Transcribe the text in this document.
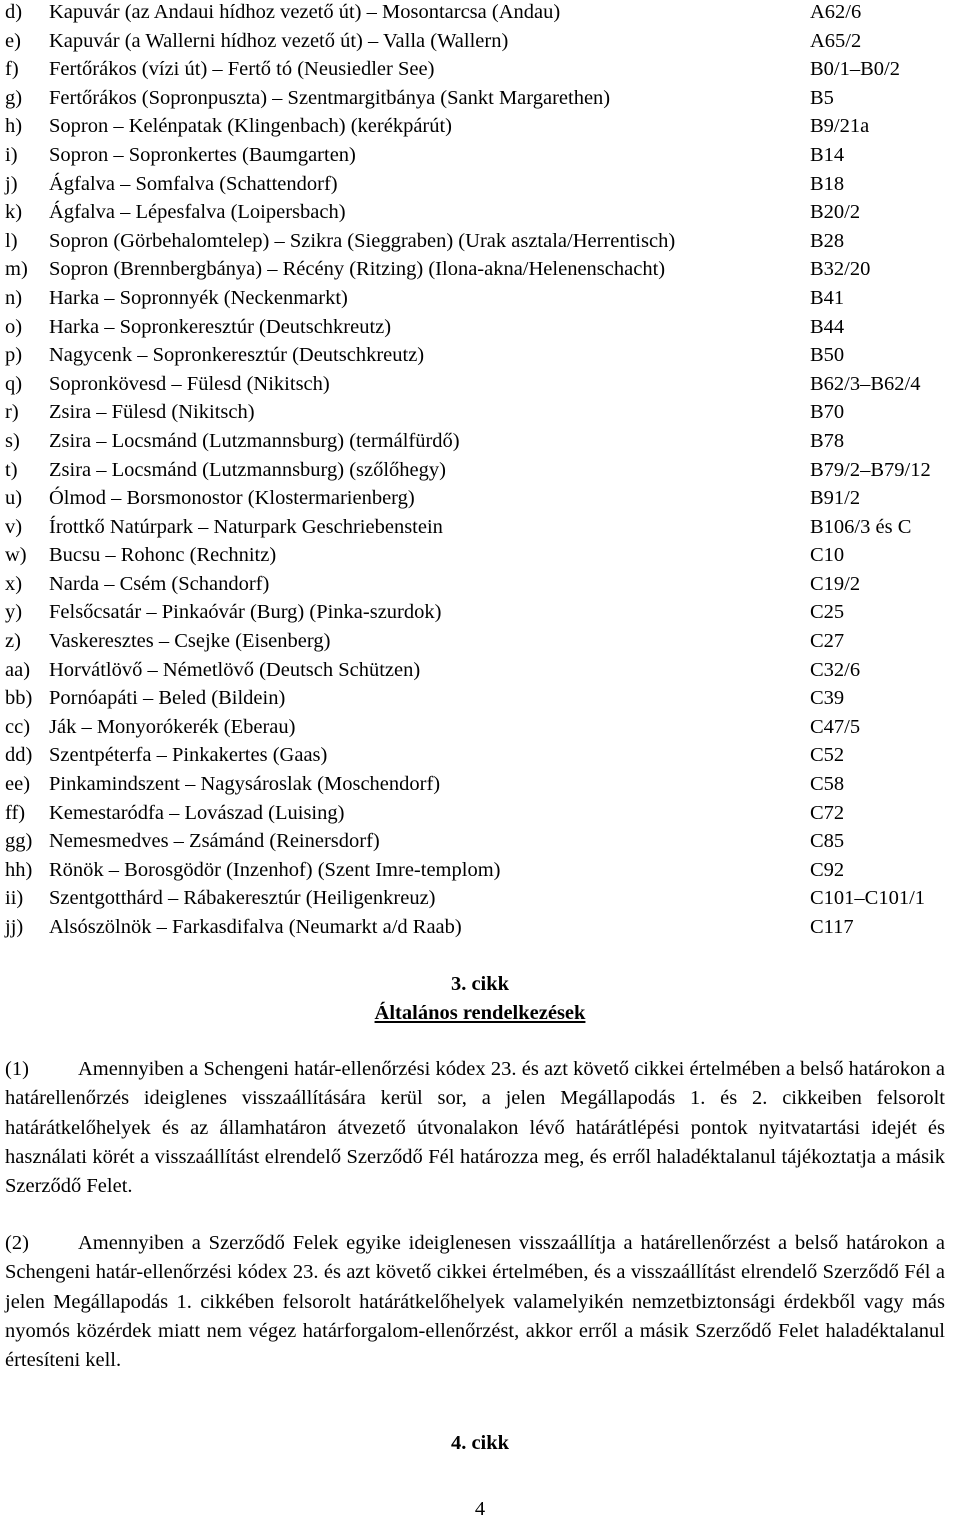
d) Kapuvár (az Andaui hídhoz vezető út) – Mosontarcsa (Andau)	A62/6
e) Kapuvár (a Wallerni hídhoz vezető út) – Valla (Wallern)	A65/2
f) Fertőrákos (vízi út) – Fertő tó (Neusiedler See)	B0/1–B0/2
g) Fertőrákos (Sopronpuszta) – Szentmargitbánya (Sankt Margarethen)	B5
h) Sopron – Kelénpatak (Klingenbach) (kerékpárút)	B9/21a
i) Sopron – Sopronkertes (Baumgarten)	B14
j) Ágfalva – Somfalva (Schattendorf)	B18
k) Ágfalva – Lépesfalva (Loipersbach)	B20/2
l) Sopron (Görbehalomtelep) – Szikra (Sieggraben) (Urak asztala/Herrentisch)	B28
m) Sopron (Brennbergbánya) – Récény (Ritzing) (Ilona-akna/Helenenschacht)	B32/20
n) Harka – Sopronnyék (Neckenmarkt)	B41
o) Harka – Sopronkeresztúr (Deutschkreutz)	B44
p) Nagycenk – Sopronkeresztúr (Deutschkreutz)	B50
q) Sopronkövesd – Fülesd (Nikitsch)	B62/3–B62/4
r) Zsira – Fülesd (Nikitsch)	B70
s) Zsira – Locsmánd (Lutzmannsburg) (termálfürdő)	B78
t) Zsira – Locsmánd (Lutzmannsburg) (szőlőhegy)	B79/2–B79/12
u) Ólmod – Borsmonostor (Klostermarienberg)	B91/2
v) Írottkő Natúrpark – Naturpark Geschriebenstein	B106/3 és C
w) Bucsu – Rohonc (Rechnitz)	C10
x) Narda – Csém (Schandorf)	C19/2
y) Felsőcsatár – Pinkaóvár (Burg) (Pinka-szurdok)	C25
z) Vaskeresztes – Csejke (Eisenberg)	C27
aa) Horvátlövő – Németlövő (Deutsch Schützen)	C32/6
bb) Pornóapáti – Beled (Bildein)	C39
cc) Ják – Monyorókerék (Eberau)	C47/5
dd) Szentpéterfa – Pinkakertes (Gaas)	C52
ee) Pinkamindszent – Nagysároslak (Moschendorf)	C58
ff) Kemestaródfa – Lovászad (Luising)	C72
gg) Nemesmedves – Zsámánd (Reinersdorf)	C85
hh) Rönök – Borosgödör (Inzenhof) (Szent Imre-templom)	C92
ii) Szentgotthárd – Rábakeresztúr (Heiligenkreuz)	C101–C101/1
jj) Alsószölnök – Farkasdifalva (Neumarkt a/d Raab)	C117
3. cikk
Általános rendelkezések
(1) Amennyiben a Schengeni határ-ellenőrzési kódex 23. és azt követő cikkei értelmében a belső határokon a határellenőrzés ideiglenes visszaállítására kerül sor, a jelen Megállapodás 1. és 2. cikkeiben felsorolt határátkelőhelyek és az államhatáron átvezető útvonalakon lévő határátlépési pontok nyitvatartási idejét és használati körét a visszaállítást elrendelő Szerződő Fél határozza meg, és erről haladéktalanul tájékoztatja a másik Szerződő Felet.
(2) Amennyiben a Szerződő Felek egyike ideiglenesen visszaállítja a határellenőrzést a belső határokon a Schengeni határ-ellenőrzési kódex 23. és azt követő cikkei értelmében, és a visszaállítást elrendelő Szerződő Fél a jelen Megállapodás 1. cikkében felsorolt határátkelőhelyek valamelyikén nemzetbiztonsági érdekből vagy más nyomós közérdek miatt nem végez határforgalom-ellenőrzést, akkor erről a másik Szerződő Felet haladéktalanul értesíteni kell.
4. cikk
4
